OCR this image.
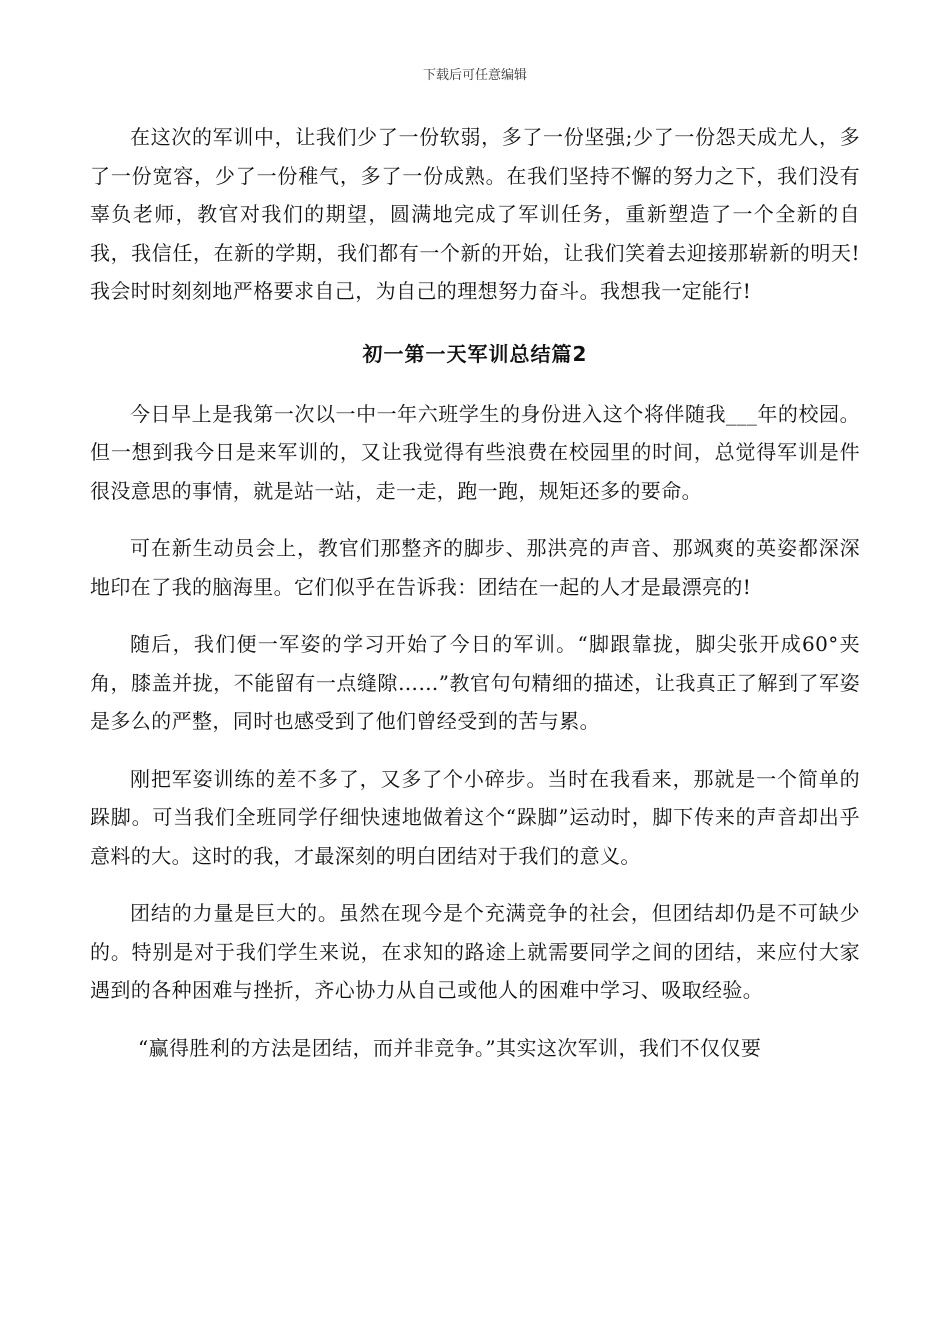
下载后可任意编辑

在这次的军训中，让我们少了一份软弱，多了一份坚强;少了一份怨天成尤人，多了一份宽容，少了一份稚气，多了一份成熟。在我们坚持不懈的努力之下，我们没有辜负老师，教官对我们的期望，圆满地完成了军训任务，重新塑造了一个全新的自我，我信任，在新的学期，我们都有一个新的开始，让我们笑着去迎接那崭新的明天!我会时时刻刻地严格要求自己，为自己的理想努力奋斗。我想我一定能行!

初一第一天军训总结篇2

今日早上是我第一次以一中一年六班学生的身份进入这个将伴随我___年的校园。但一想到我今日是来军训的，又让我觉得有些浪费在校园里的时间，总觉得军训是件很没意思的事情，就是站一站，走一走，跑一跑，规矩还多的要命。

可在新生动员会上，教官们那整齐的脚步、那洪亮的声音、那飒爽的英姿都深深地印在了我的脑海里。它们似乎在告诉我：团结在一起的人才是最漂亮的!

随后，我们便一军姿的学习开始了今日的军训。“脚跟靠拢，脚尖张开成60°夹角，膝盖并拢，不能留有一点缝隙……”教官句句精细的描述，让我真正了解到了军姿是多么的严整，同时也感受到了他们曾经受到的苦与累。

刚把军姿训练的差不多了，又多了个小碎步。当时在我看来，那就是一个简单的跺脚。可当我们全班同学仔细快速地做着这个“跺脚”运动时，脚下传来的声音却出乎意料的大。这时的我，才最深刻的明白团结对于我们的意义。

团结的力量是巨大的。虽然在现今是个充满竞争的社会，但团结却仍是不可缺少的。特别是对于我们学生来说，在求知的路途上就需要同学之间的团结，来应付大家遇到的各种困难与挫折，齐心协力从自己或他人的困难中学习、吸取经验。

“赢得胜利的方法是团结，而并非竞争。”其实这次军训，我们不仅仅要
